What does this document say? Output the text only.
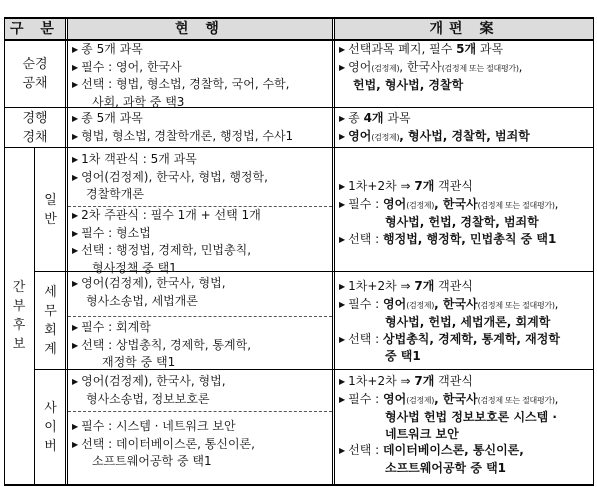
구 분	현 행	개편 案
순경
공채
경행
경채
간
부
후
보
일
반
세
무
회
계
사
이
버
▶ 종 5개 과목
▶ 필수 : 영어, 한국사
▶ 선택 : 형법, 형소법, 경찰학, 국어, 수학,
사회, 과학 중 택3
▶ 선택과목 폐지, 필수 5개 과목
▶ 영어(검정제), 한국사(검정제 또는 절대평가),
헌법, 형사법, 경찰학
▶ 종 5개 과목
▶ 형법, 형소법, 경찰학개론, 행정법, 수사1
▶ 종 4개 과목
▶ 영어(검정제), 형사법, 경찰학, 범죄학
▶ 1차 객관식 : 5개 과목
▶ 영어(검정제), 한국사, 형법, 행정학,
경찰학개론
▶ 2차 주관식 : 필수 1개 + 선택 1개
▶ 필수 : 형소법
▶ 선택 : 행정법, 경제학, 민법총칙,
형사정책 중 택1
▶ 1차+2차 ⇒ 7개 객관식
▶ 필수 : 영어(검정제), 한국사(검정제 또는 절대평가),
형사법, 헌법, 경찰학, 범죄학
▶ 선택 : 행정법, 행정학, 민법총칙 중 택1
▶ 영어(검정제), 한국사, 형법,
형사소송법, 세법개론
▶ 필수 : 회계학
▶ 선택 : 상법총칙, 경제학, 통계학,
재정학 중 택1
▶ 1차+2차 ⇒ 7개 객관식
▶ 필수 : 영어(검정제), 한국사(검정제 또는 절대평가),
형사법, 헌법, 세법개론, 회계학
▶ 선택 : 상법총칙, 경제학, 통계학, 재정학
중 택1
▶ 영어(검정제), 한국사, 형법,
형사소송법, 정보보호론
▶ 필수 : 시스템 · 네트워크 보안
▶ 선택 : 데이터베이스론, 통신이론,
소프트웨어공학 중 택1
▶ 1차+2차 ⇒ 7개 객관식
▶ 필수 : 영어(검정제), 한국사(검정제 또는 절대평가),
형사법 헌법 정보보호론 시스템 ·
네트워크 보안
▶ 선택 : 데이터베이스론, 통신이론,
소프트웨어공학 중 택1
